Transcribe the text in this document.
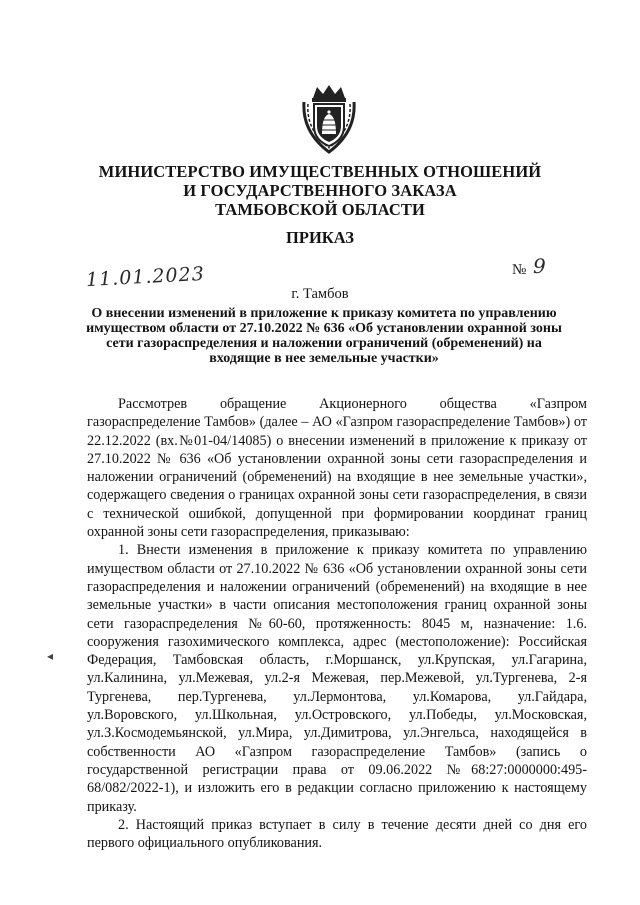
МИНИСТЕРСТВО ИМУЩЕСТВЕННЫХ ОТНОШЕНИЙ
И ГОСУДАРСТВЕННОГО ЗАКАЗА
ТАМБОВСКОЙ ОБЛАСТИ
ПРИКАЗ
11.01.2023	№ 9
г. Тамбов
О внесении изменений в приложение к приказу комитета по управлению имуществом области от 27.10.2022 № 636 «Об установлении охранной зоны сети газораспределения и наложении ограничений (обременений) на входящие в нее земельные участки»

Рассмотрев обращение Акционерного общества «Газпром газораспределение Тамбов» (далее – АО «Газпром газораспределение Тамбов») от 22.12.2022 (вх.№01-04/14085) о внесении изменений в приложение к приказу от 27.10.2022 № 636 «Об установлении охранной зоны сети газораспределения и наложении ограничений (обременений) на входящие в нее земельные участки», содержащего сведения о границах охранной зоны сети газораспределения, в связи с технической ошибкой, допущенной при формировании координат границ охранной зоны сети газораспределения, приказываю:

1. Внести изменения в приложение к приказу комитета по управлению имуществом области от 27.10.2022 № 636 «Об установлении охранной зоны сети газораспределения и наложении ограничений (обременений) на входящие в нее земельные участки» в части описания местоположения границ охранной зоны сети газораспределения №60-60, протяженность: 8045 м, назначение: 1.6. сооружения газохимического комплекса, адрес (местоположение): Российская Федерация, Тамбовская область, г.Моршанск, ул.Крупская, ул.Гагарина, ул.Калинина, ул.Межевая, ул.2-я Межевая, пер.Межевой, ул.Тургенева, 2-я Тургенева, пер.Тургенева, ул.Лермонтова, ул.Комарова, ул.Гайдара, ул.Воровского, ул.Школьная, ул.Островского, ул.Победы, ул.Московская, ул.З.Космодемьянской, ул.Мира, ул.Димитрова, ул.Энгельса, находящейся в собственности АО «Газпром газораспределение Тамбов» (запись о государственной регистрации права от 09.06.2022 №68:27:0000000:495-68/082/2022-1), и изложить его в редакции согласно приложению к настоящему приказу.

2. Настоящий приказ вступает в силу в течение десяти дней со дня его первого официального опубликования.

◂
